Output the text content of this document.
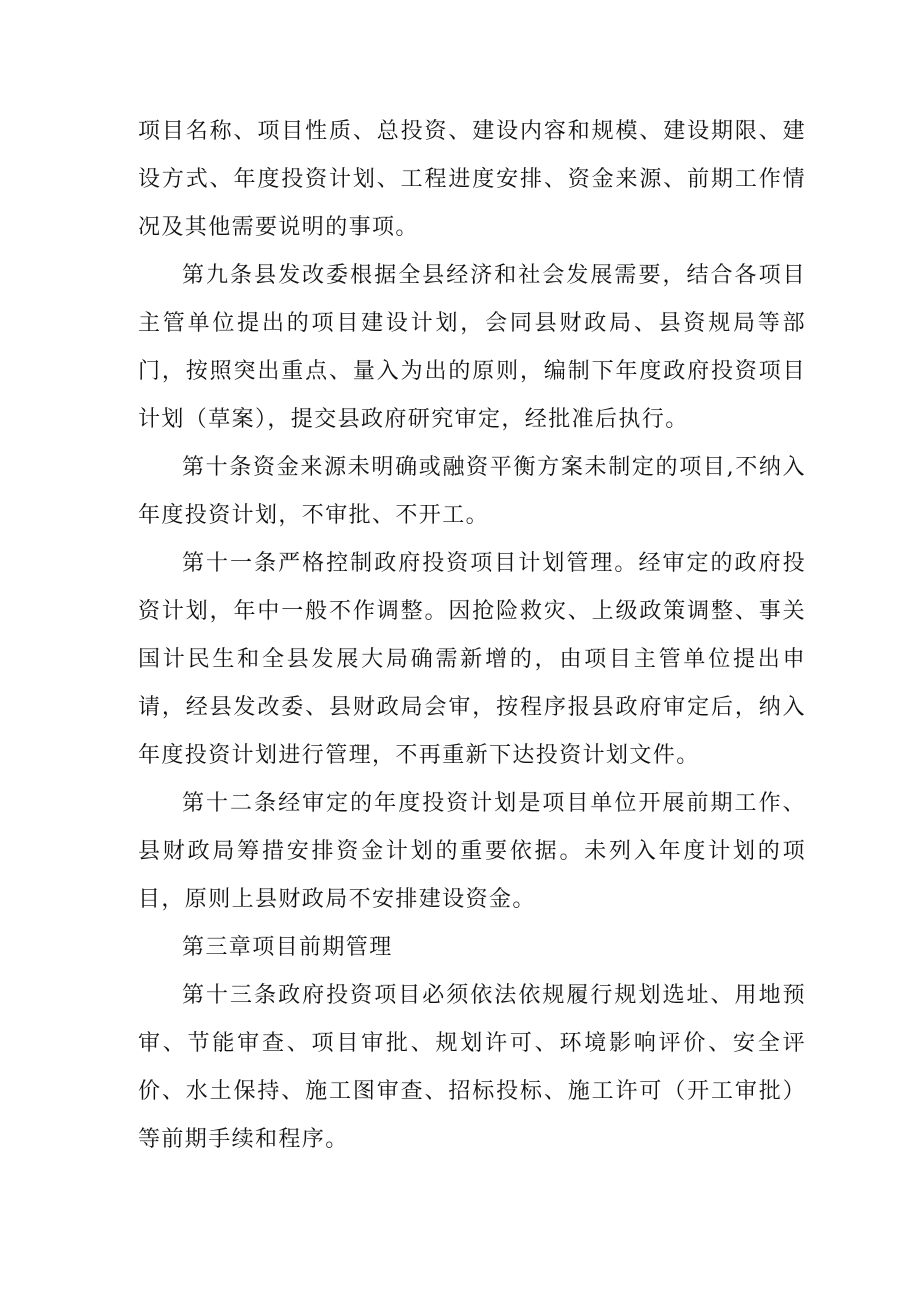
项目名称、项目性质、总投资、建设内容和规模、建设期限、建设方式、年度投资计划、工程进度安排、资金来源、前期工作情况及其他需要说明的事项。

第九条县发改委根据全县经济和社会发展需要，结合各项目主管单位提出的项目建设计划，会同县财政局、县资规局等部门，按照突出重点、量入为出的原则，编制下年度政府投资项目计划（草案），提交县政府研究审定，经批准后执行。

第十条资金来源未明确或融资平衡方案未制定的项目,不纳入年度投资计划，不审批、不开工。

第十一条严格控制政府投资项目计划管理。经审定的政府投资计划，年中一般不作调整。因抢险救灾、上级政策调整、事关国计民生和全县发展大局确需新增的，由项目主管单位提出申请，经县发改委、县财政局会审，按程序报县政府审定后，纳入年度投资计划进行管理，不再重新下达投资计划文件。

第十二条经审定的年度投资计划是项目单位开展前期工作、县财政局筹措安排资金计划的重要依据。未列入年度计划的项目，原则上县财政局不安排建设资金。

第三章项目前期管理

第十三条政府投资项目必须依法依规履行规划选址、用地预审、节能审查、项目审批、规划许可、环境影响评价、安全评价、水土保持、施工图审查、招标投标、施工许可（开工审批）等前期手续和程序。
